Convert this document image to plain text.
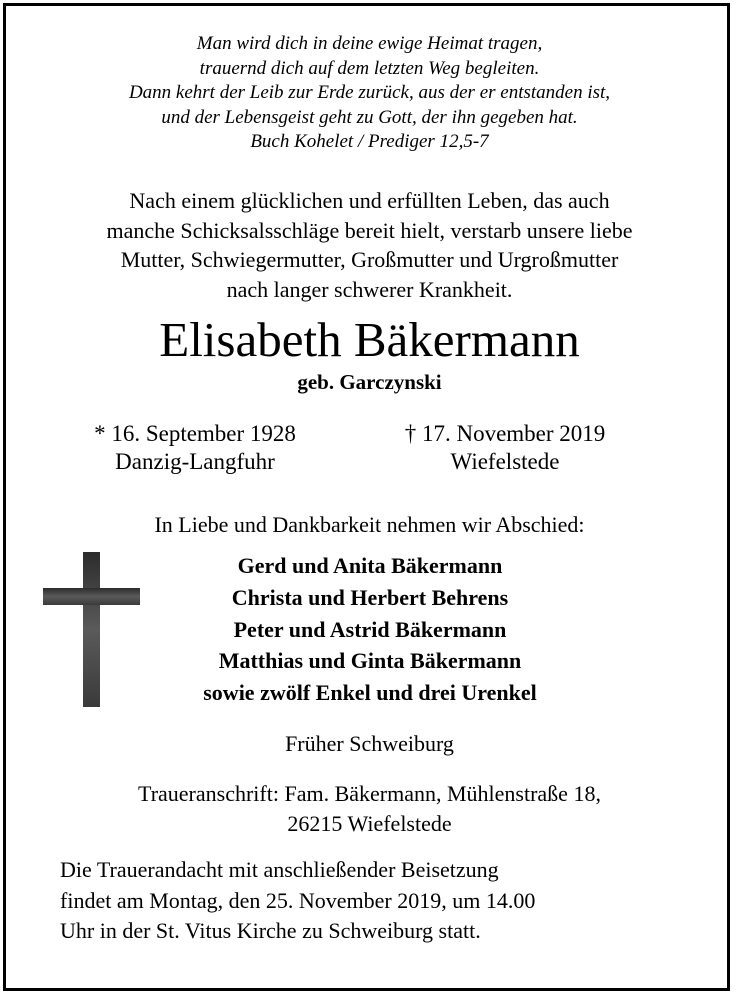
Man wird dich in deine ewige Heimat tragen,
trauernd dich auf dem letzten Weg begleiten.
Dann kehrt der Leib zur Erde zurück, aus der er entstanden ist,
und der Lebensgeist geht zu Gott, der ihn gegeben hat.
Buch Kohelet / Prediger 12,5-7
Nach einem glücklichen und erfüllten Leben, das auch
manche Schicksalsschläge bereit hielt, verstarb unsere liebe
Mutter, Schwiegermutter, Großmutter und Urgroßmutter
nach langer schwerer Krankheit.
Elisabeth Bäkermann
geb. Garczynski
* 16. September 1928
Danzig-Langfuhr
† 17. November 2019
Wiefelstede
In Liebe und Dankbarkeit nehmen wir Abschied:
Gerd und Anita Bäkermann
Christa und Herbert Behrens
Peter und Astrid Bäkermann
Matthias und Ginta Bäkermann
sowie zwölf Enkel und drei Urenkel
Früher Schweiburg
Traueranschrift: Fam. Bäkermann, Mühlenstraße 18,
26215 Wiefelstede
Die Trauerandacht mit anschließender Beisetzung
findet am Montag, den 25. November 2019, um 14.00
Uhr in der St. Vitus Kirche zu Schweiburg statt.
